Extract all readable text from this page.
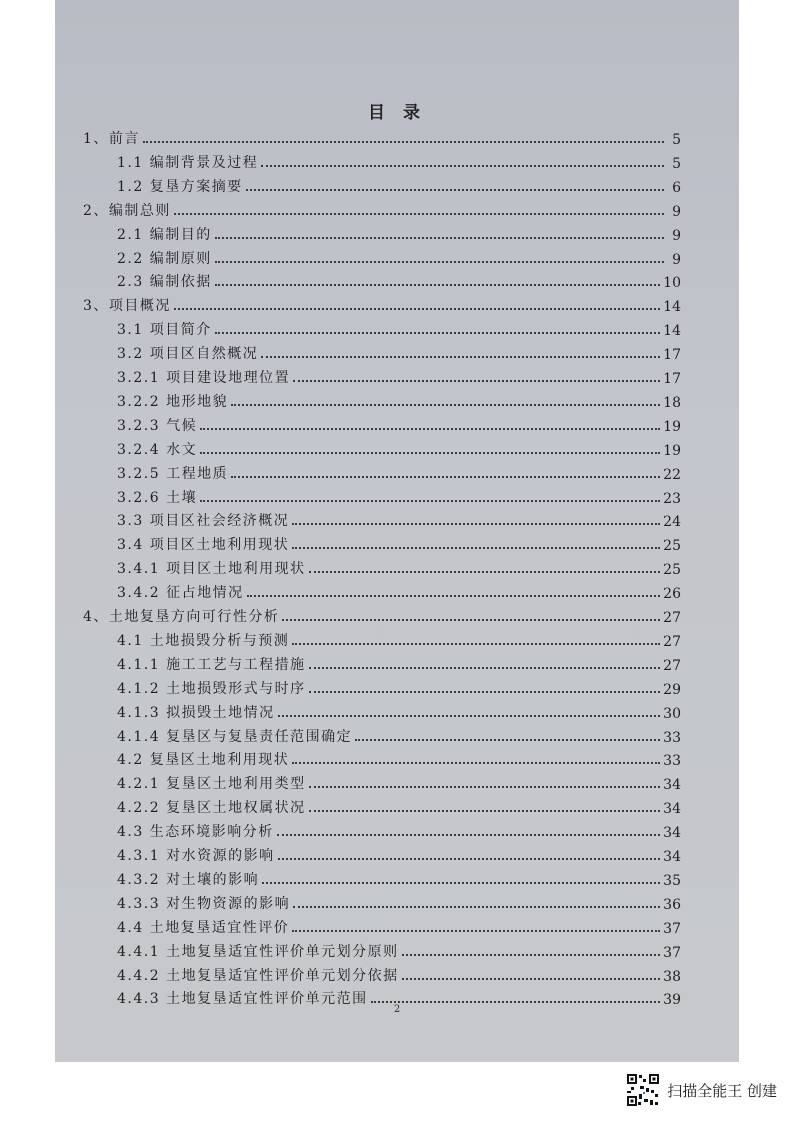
目 录
1、前言	5
1.1 编制背景及过程	5
1.2 复垦方案摘要	6
2、编制总则	9
2.1 编制目的	9
2.2 编制原则	9
2.3 编制依据	10
3、项目概况	14
3.1 项目简介	14
3.2 项目区自然概况	17
3.2.1 项目建设地理位置	17
3.2.2 地形地貌	18
3.2.3 气候	19
3.2.4 水文	19
3.2.5 工程地质	22
3.2.6 土壤	23
3.3 项目区社会经济概况	24
3.4 项目区土地利用现状	25
3.4.1 项目区土地利用现状	25
3.4.2 征占地情况	26
4、土地复垦方向可行性分析	27
4.1 土地损毁分析与预测	27
4.1.1 施工工艺与工程措施	27
4.1.2 土地损毁形式与时序	29
4.1.3 拟损毁土地情况	30
4.1.4 复垦区与复垦责任范围确定	33
4.2 复垦区土地利用现状	33
4.2.1 复垦区土地利用类型	34
4.2.2 复垦区土地权属状况	34
4.3 生态环境影响分析	34
4.3.1 对水资源的影响	34
4.3.2 对土壤的影响	35
4.3.3 对生物资源的影响	36
4.4 土地复垦适宜性评价	37
4.4.1 土地复垦适宜性评价单元划分原则	37
4.4.2 土地复垦适宜性评价单元划分依据	38
4.4.3 土地复垦适宜性评价单元范围	39
2
扫描全能王 创建
